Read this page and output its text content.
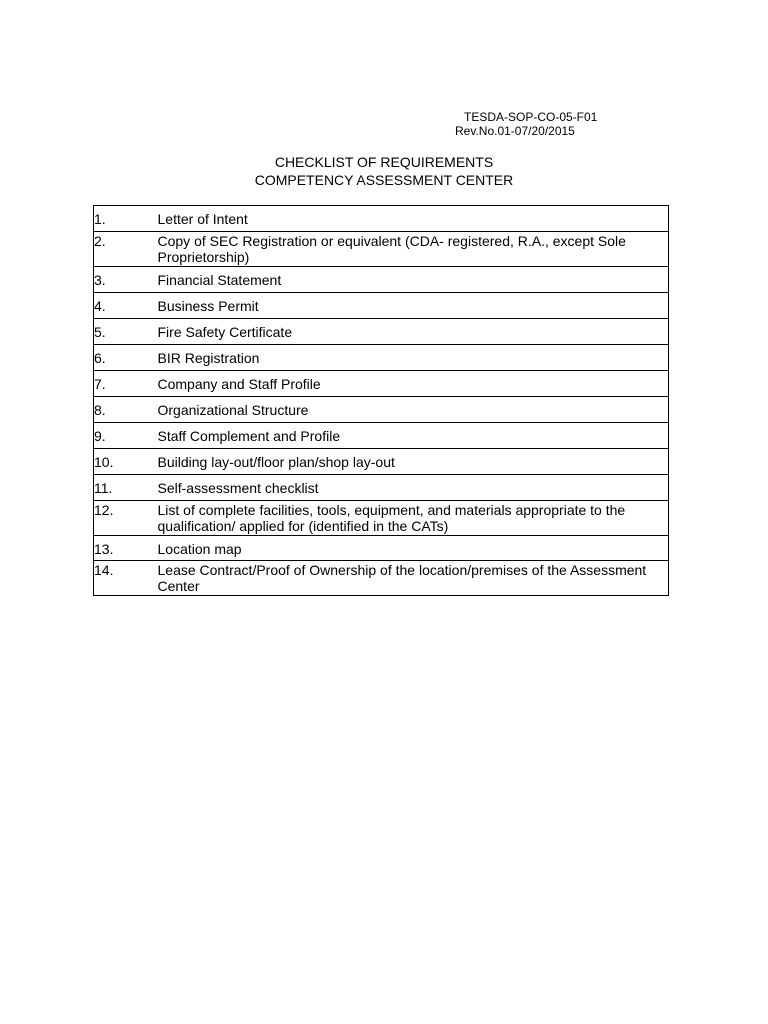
TESDA-SOP-CO-05-F01
Rev.No.01-07/20/2015
CHECKLIST OF REQUIREMENTS
COMPETENCY ASSESSMENT CENTER
1.	Letter of Intent
2.	Copy of SEC Registration or equivalent (CDA- registered, R.A., except Sole Proprietorship)
3.	Financial Statement
4.	Business Permit
5.	Fire Safety Certificate
6.	BIR Registration
7.	Company and Staff Profile
8.	Organizational Structure
9.	Staff Complement and Profile
10.	Building lay-out/floor plan/shop lay-out
11.	Self-assessment checklist
12.	List of complete facilities, tools, equipment, and materials appropriate to the qualification/ applied for (identified in the CATs)
13.	Location map
14.	Lease Contract/Proof of Ownership of the location/premises of the Assessment Center
